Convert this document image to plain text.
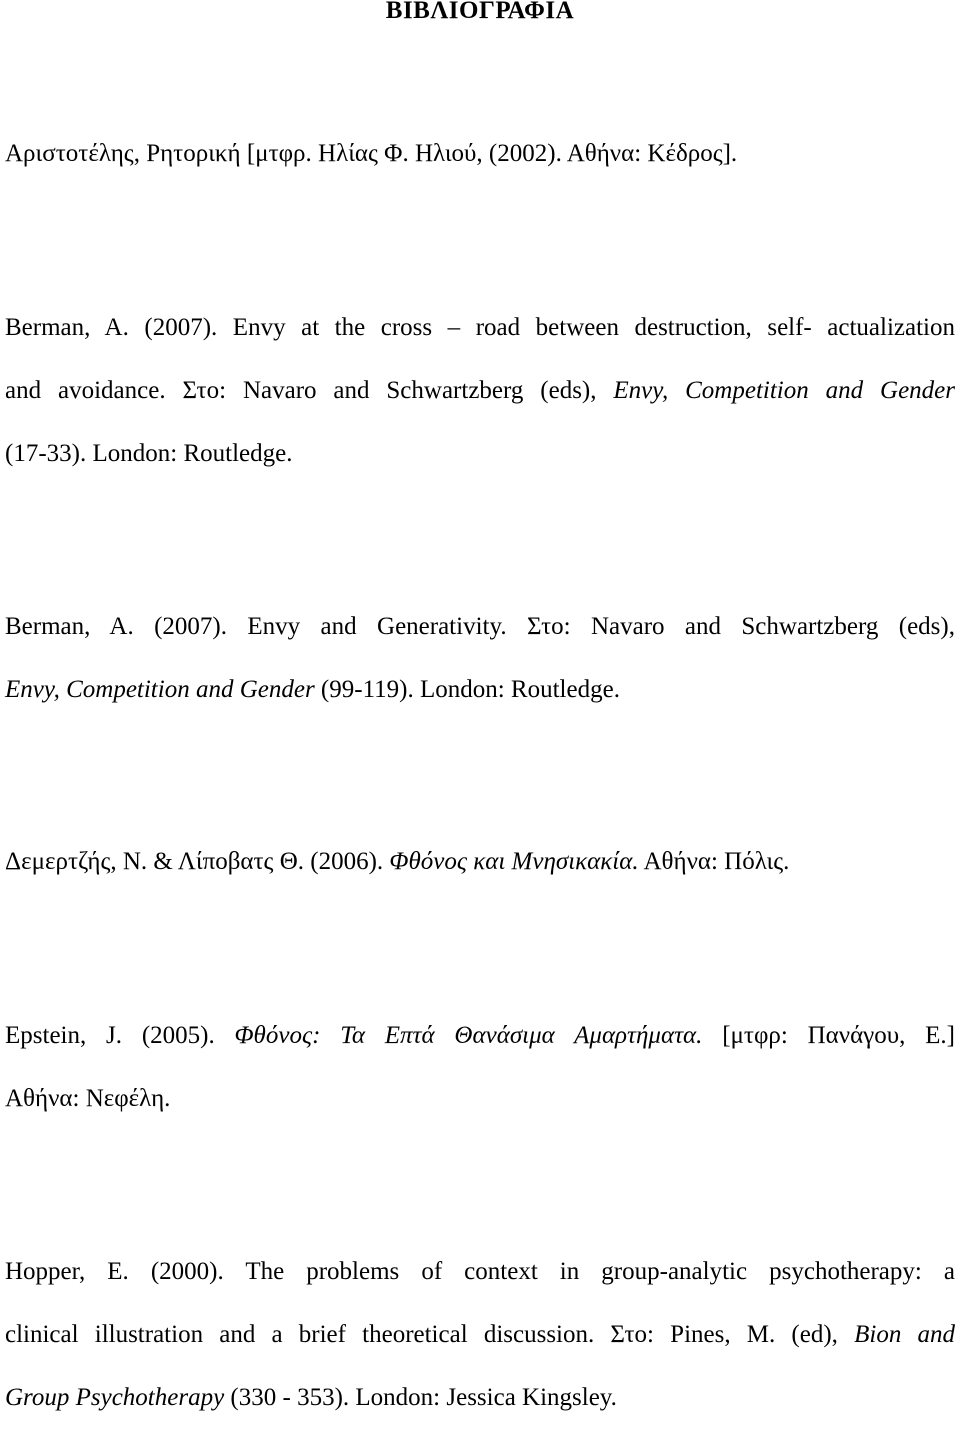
ΒΙΒΛΙΟΓΡΑΦΙΑ
Αριστοτέλης, Ρητορική [μτφρ. Ηλίας Φ. Ηλιού, (2002). Αθήνα: Κέδρος].
Berman, A. (2007). Envy at the cross – road between destruction, self- actualization
and avoidance. Στο: Navaro and Schwartzberg (eds), Envy, Competition and Gender
(17-33). London: Routledge.
Berman, A. (2007). Envy and Generativity. Στο: Navaro and Schwartzberg (eds),
Envy, Competition and Gender (99-119). London: Routledge.
Δεμερτζής, Ν. & Λίποβατς Θ. (2006). Φθόνος και Μνησικακία. Αθήνα: Πόλις.
Epstein, J. (2005). Φθόνος: Τα Επτά Θανάσιμα Αμαρτήματα. [μτφρ: Πανάγου, Ε.]
Αθήνα: Νεφέλη.
Hopper, E. (2000). The problems of context in group-analytic psychotherapy: a
clinical illustration and a brief theoretical discussion. Στο: Pines, M. (ed), Bion and
Group Psychotherapy (330 - 353). London: Jessica Kingsley.
